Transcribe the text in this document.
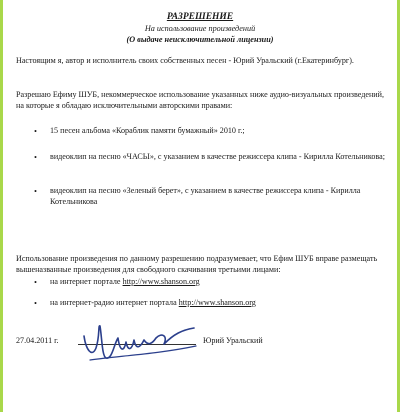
РАЗРЕШЕНИЕ
На использование произведений
(О выдаче неисключительной лицензии)
Настоящим я, автор и исполнитель своих собственных песен - Юрий Уральский (г.Екатеринбург).
Разрешаю Ефиму ШУБ, некоммерческое использование указанных ниже аудио-визуальных произведений, на которые я обладаю исключительными авторскими правами:
•	15 песен альбома «Кораблик памяти бумажный» 2010 г.;
•	видеоклип на песню «ЧАСЫ», с указанием в качестве режиссера клипа - Кирилла Котельникова;
•	видеоклип на песню «Зеленый берет», с указанием в качестве режиссера клипа - Кирилла Котельникова
Использование произведения по данному разрешению подразумевает, что Ефим ШУБ вправе размещать вышеназванные произведения для свободного скачивания третьими лицами:
•	на интернет портале http://www.shanson.org
•	на интернет-радио интернет портала http://www.shanson.org
27.04.2011 г.	Юрий Уральский
